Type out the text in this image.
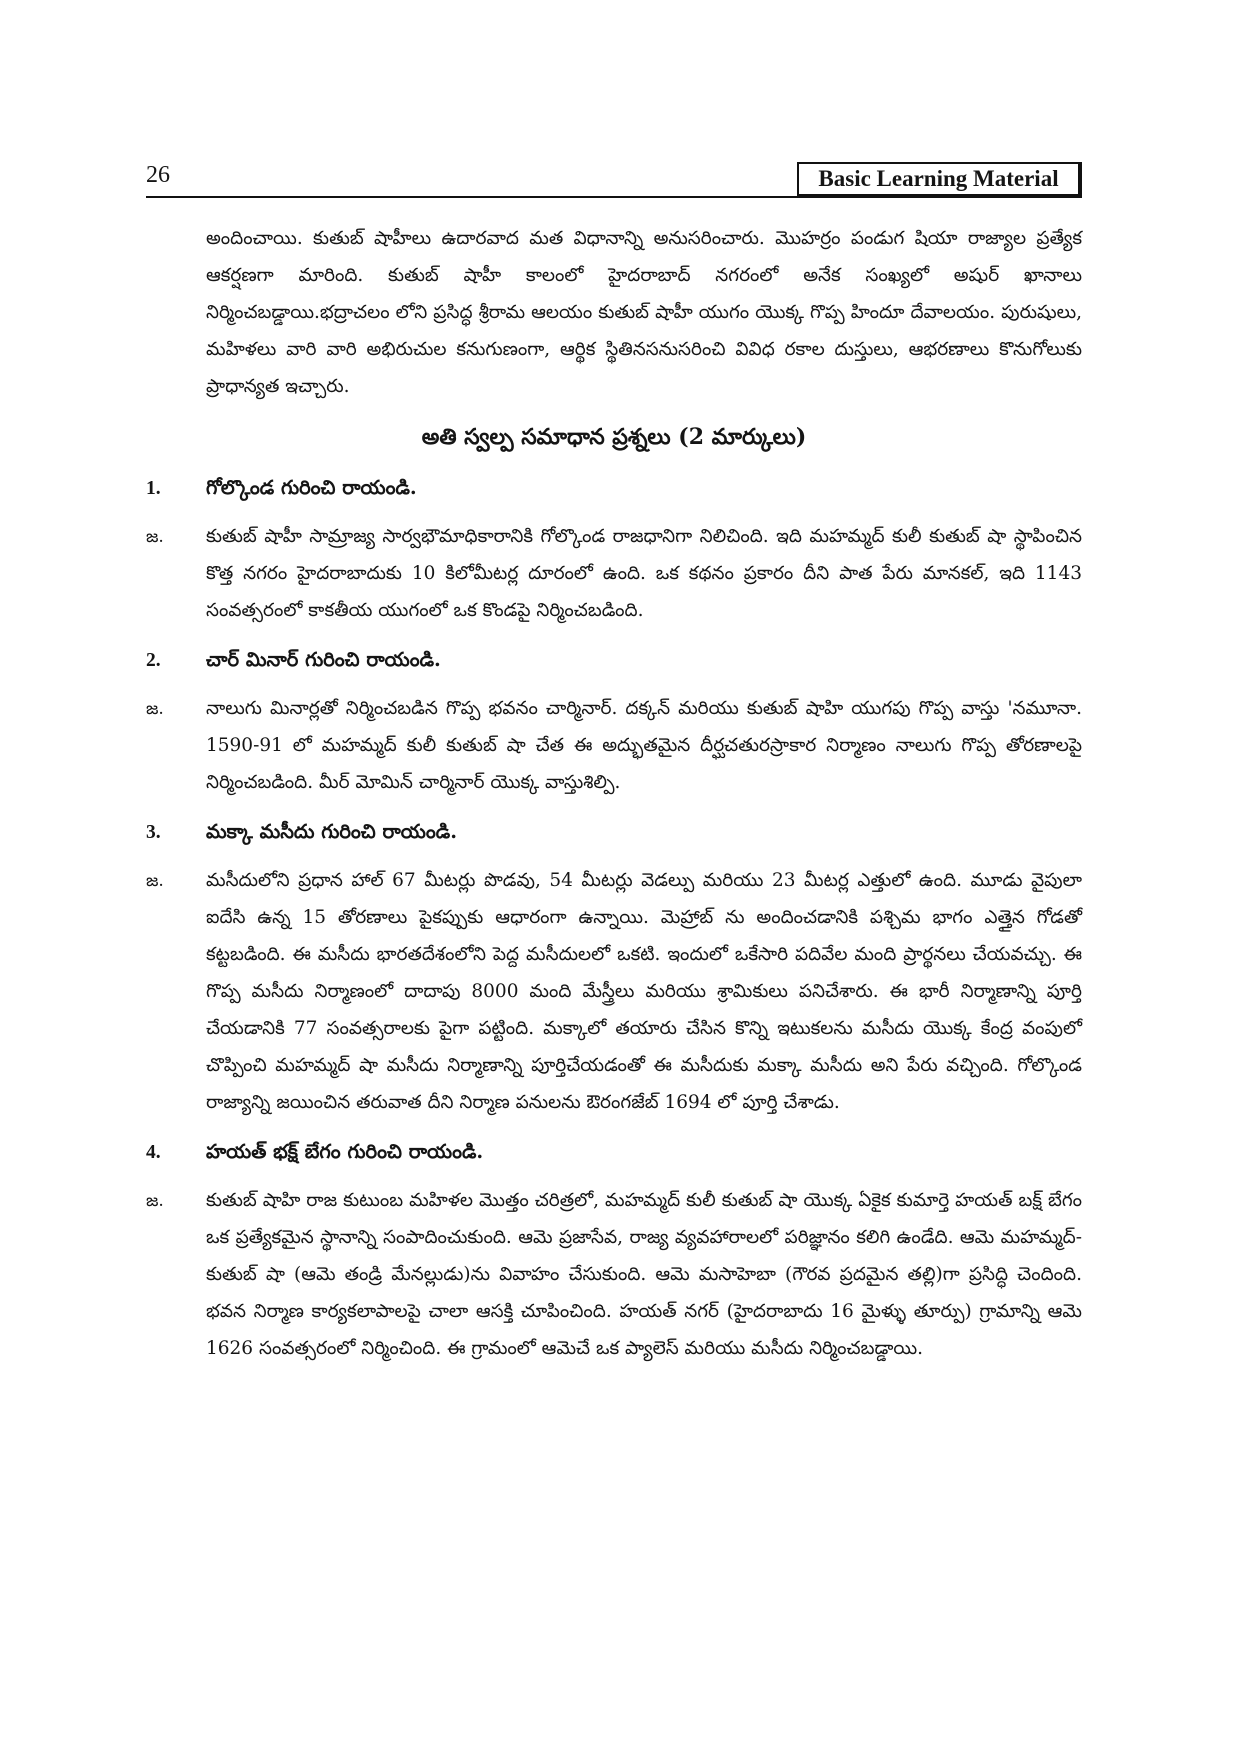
26	Basic Learning Material

అందించాయి. కుతుబ్ షాహీలు ఉదారవాద మత విధానాన్ని అనుసరించారు. మొహర్రం పండుగ షియా రాజ్యాల ప్రత్యేక ఆకర్షణగా మారింది. కుతుబ్ షాహీ కాలంలో హైదరాబాద్ నగరంలో అనేక సంఖ్యలో అషుర్ ఖానాలు నిర్మించబడ్డాయి.భద్రాచలం లోని ప్రసిద్ధ శ్రీరామ ఆలయం కుతుబ్ షాహీ యుగం యొక్క గొప్ప హిందూ దేవాలయం. పురుషులు, మహిళలు వారి వారి అభిరుచుల కనుగుణంగా, ఆర్థిక స్థితినసనుసరించి వివిధ రకాల దుస్తులు, ఆభరణాలు కొనుగోలుకు ప్రాధాన్యత ఇచ్చారు.

అతి స్వల్ప సమాధాన ప్రశ్నలు (2 మార్కులు)
1.	గోల్కొండ గురించి రాయండి.
జ.	కుతుబ్ షాహీ సామ్రాజ్య సార్వభౌమాధికారానికి గోల్కొండ రాజధానిగా నిలిచింది. ఇది మహమ్మద్ కులీ కుతుబ్ షా స్థాపించిన కొత్త నగరం హైదరాబాదుకు 10 కిలోమీటర్ల దూరంలో ఉంది. ఒక కథనం ప్రకారం దీని పాత పేరు మానకల్, ఇది 1143 సంవత్సరంలో కాకతీయ యుగంలో ఒక కొండపై నిర్మించబడింది.
2.	చార్ మినార్ గురించి రాయండి.
జ.	నాలుగు మినార్లతో నిర్మించబడిన గొప్ప భవనం చార్మినార్. దక్కన్ మరియు కుతుబ్ షాహి యుగపు గొప్ప వాస్తు 'నమూనా. 1590-91 లో మహమ్మద్ కులీ కుతుబ్ షా చేత ఈ అద్భుతమైన దీర్ఘచతురస్రాకార నిర్మాణం నాలుగు గొప్ప తోరణాలపై నిర్మించబడింది. మీర్ మోమిన్ చార్మినార్ యొక్క వాస్తుశిల్పి.
3.	మక్కా మసీదు గురించి రాయండి.
జ.	మసీదులోని ప్రధాన హాల్ 67 మీటర్లు పొడవు, 54 మీటర్లు వెడల్పు మరియు 23 మీటర్ల ఎత్తులో ఉంది. మూడు వైపులా ఐదేసి ఉన్న 15 తోరణాలు పైకప్పుకు ఆధారంగా ఉన్నాయి. మెహ్రాబ్ ను అందించడానికి పశ్చిమ భాగం ఎత్తైన గోడతో కట్టబడింది. ఈ మసీదు భారతదేశంలోని పెద్ద మసీదులలో ఒకటి. ఇందులో ఒకేసారి పదివేల మంది ప్రార్థనలు చేయవచ్చు. ఈ గొప్ప మసీదు నిర్మాణంలో దాదాపు 8000 మంది మేస్త్రీలు మరియు శ్రామికులు పనిచేశారు. ఈ భారీ నిర్మాణాన్ని పూర్తి చేయడానికి 77 సంవత్సరాలకు పైగా పట్టింది. మక్కాలో తయారు చేసిన కొన్ని ఇటుకలను మసీదు యొక్క కేంద్ర వంపులో చొప్పించి మహమ్మద్ షా మసీదు నిర్మాణాన్ని పూర్తిచేయడంతో ఈ మసీదుకు మక్కా మసీదు అని పేరు వచ్చింది. గోల్కొండ రాజ్యాన్ని జయించిన తరువాత దీని నిర్మాణ పనులను ఔరంగజేబ్ 1694 లో పూర్తి చేశాడు.
4.	హయత్ భక్ష్ బేగం గురించి రాయండి.
జ.	కుతుబ్ షాహి రాజ కుటుంబ మహిళల మొత్తం చరిత్రలో, మహమ్మద్ కులీ కుతుబ్ షా యొక్క ఏకైక కుమార్తె హయత్ బక్ష్ బేగం ఒక ప్రత్యేకమైన స్థానాన్ని సంపాదించుకుంది. ఆమె ప్రజాసేవ, రాజ్య వ్యవహారాలలో పరిజ్ఞానం కలిగి ఉండేది. ఆమె మహమ్మద్-కుతుబ్ షా (ఆమె తండ్రి మేనల్లుడు)ను వివాహం చేసుకుంది. ఆమె మసాహెబా (గౌరవ ప్రదమైన తల్లి)గా ప్రసిద్ధి చెందింది. భవన నిర్మాణ కార్యకలాపాలపై చాలా ఆసక్తి చూపించింది. హయత్ నగర్ (హైదరాబాదు 16 మైళ్ళు తూర్పు) గ్రామాన్ని ఆమె 1626 సంవత్సరంలో నిర్మించింది. ఈ గ్రామంలో ఆమెచే ఒక ప్యాలెస్ మరియు మసీదు నిర్మించబడ్డాయి.
